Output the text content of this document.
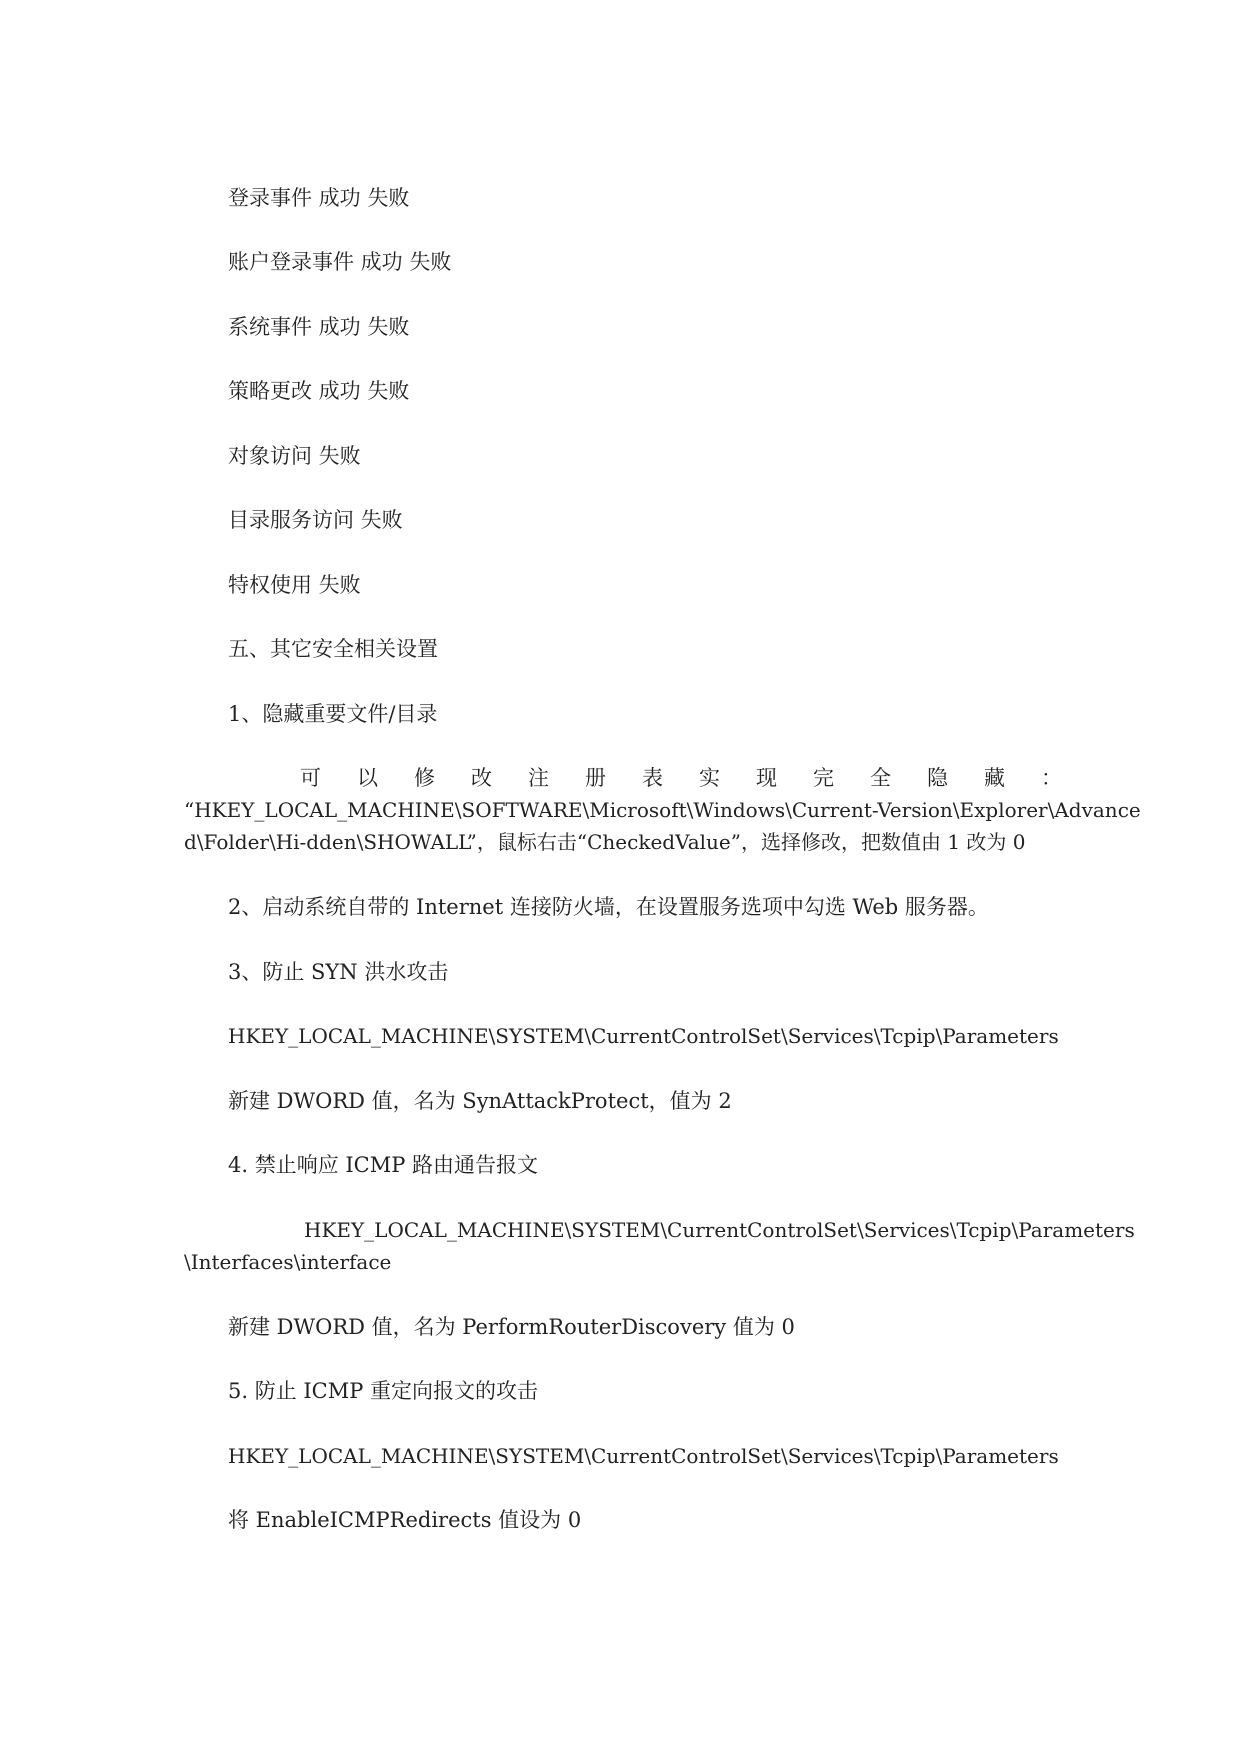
登录事件 成功 失败
账户登录事件 成功 失败
系统事件 成功 失败
策略更改 成功 失败
对象访问 失败
目录服务访问 失败
特权使用 失败
五、其它安全相关设置
1、隐藏重要文件/目录
可 以 修 改 注 册 表 实 现 完 全 隐 藏 ：
“HKEY_LOCAL_MACHINE\SOFTWARE\Microsoft\Windows\Current-Version\Explorer\Advance
d\Folder\Hi-dden\SHOWALL”，鼠标右击“CheckedValue”，选择修改，把数值由 1 改为 0
2、启动系统自带的 Internet 连接防火墙，在设置服务选项中勾选 Web 服务器。
3、防止 SYN 洪水攻击
HKEY_LOCAL_MACHINE\SYSTEM\CurrentControlSet\Services\Tcpip\Parameters
新建 DWORD 值，名为 SynAttackProtect，值为 2
4. 禁止响应 ICMP 路由通告报文
HKEY_LOCAL_MACHINE\SYSTEM\CurrentControlSet\Services\Tcpip\Parameters
\Interfaces\interface
新建 DWORD 值，名为 PerformRouterDiscovery 值为 0
5. 防止 ICMP 重定向报文的攻击
HKEY_LOCAL_MACHINE\SYSTEM\CurrentControlSet\Services\Tcpip\Parameters
将 EnableICMPRedirects 值设为 0
